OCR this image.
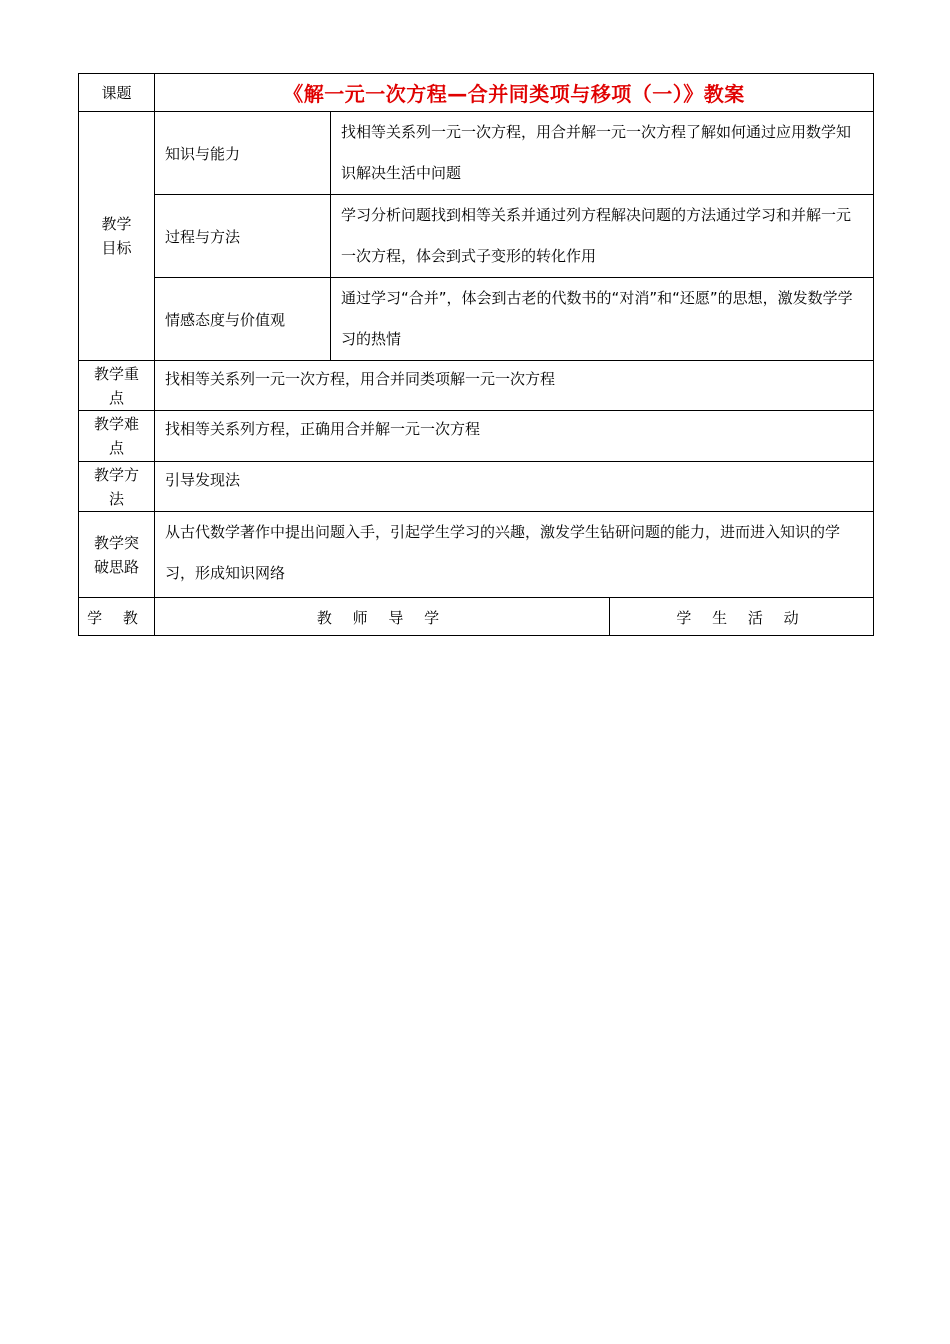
课题	《解一元一次方程—合并同类项与移项（一）》教案		

教学目标	知识与能力	找相等关系列一元一次方程，用合并解一元一次方程了解如何通过应用数学知识解决生活中问题	
	过程与方法	学习分析问题找到相等关系并通过列方程解决问题的方法通过学习和并解一元一次方程，体会到式子变形的转化作用	
	情感态度与价值观	通过学习“合并”，体会到古老的代数书的“对消”和“还愿”的思想，激发数学学习的热情	

教学重点	找相等关系列一元一次方程，用合并同类项解一元一次方程		

教学难点	找相等关系列方程，正确用合并解一元一次方程		

教学方法	引导发现法		

教学突破思路	从古代数学著作中提出问题入手，引起学生学习的兴趣，激发学生钻研问题的能力，进而进入知识的学习，形成知识网络		
学 教	教 师 导 学		学 生 活 动
